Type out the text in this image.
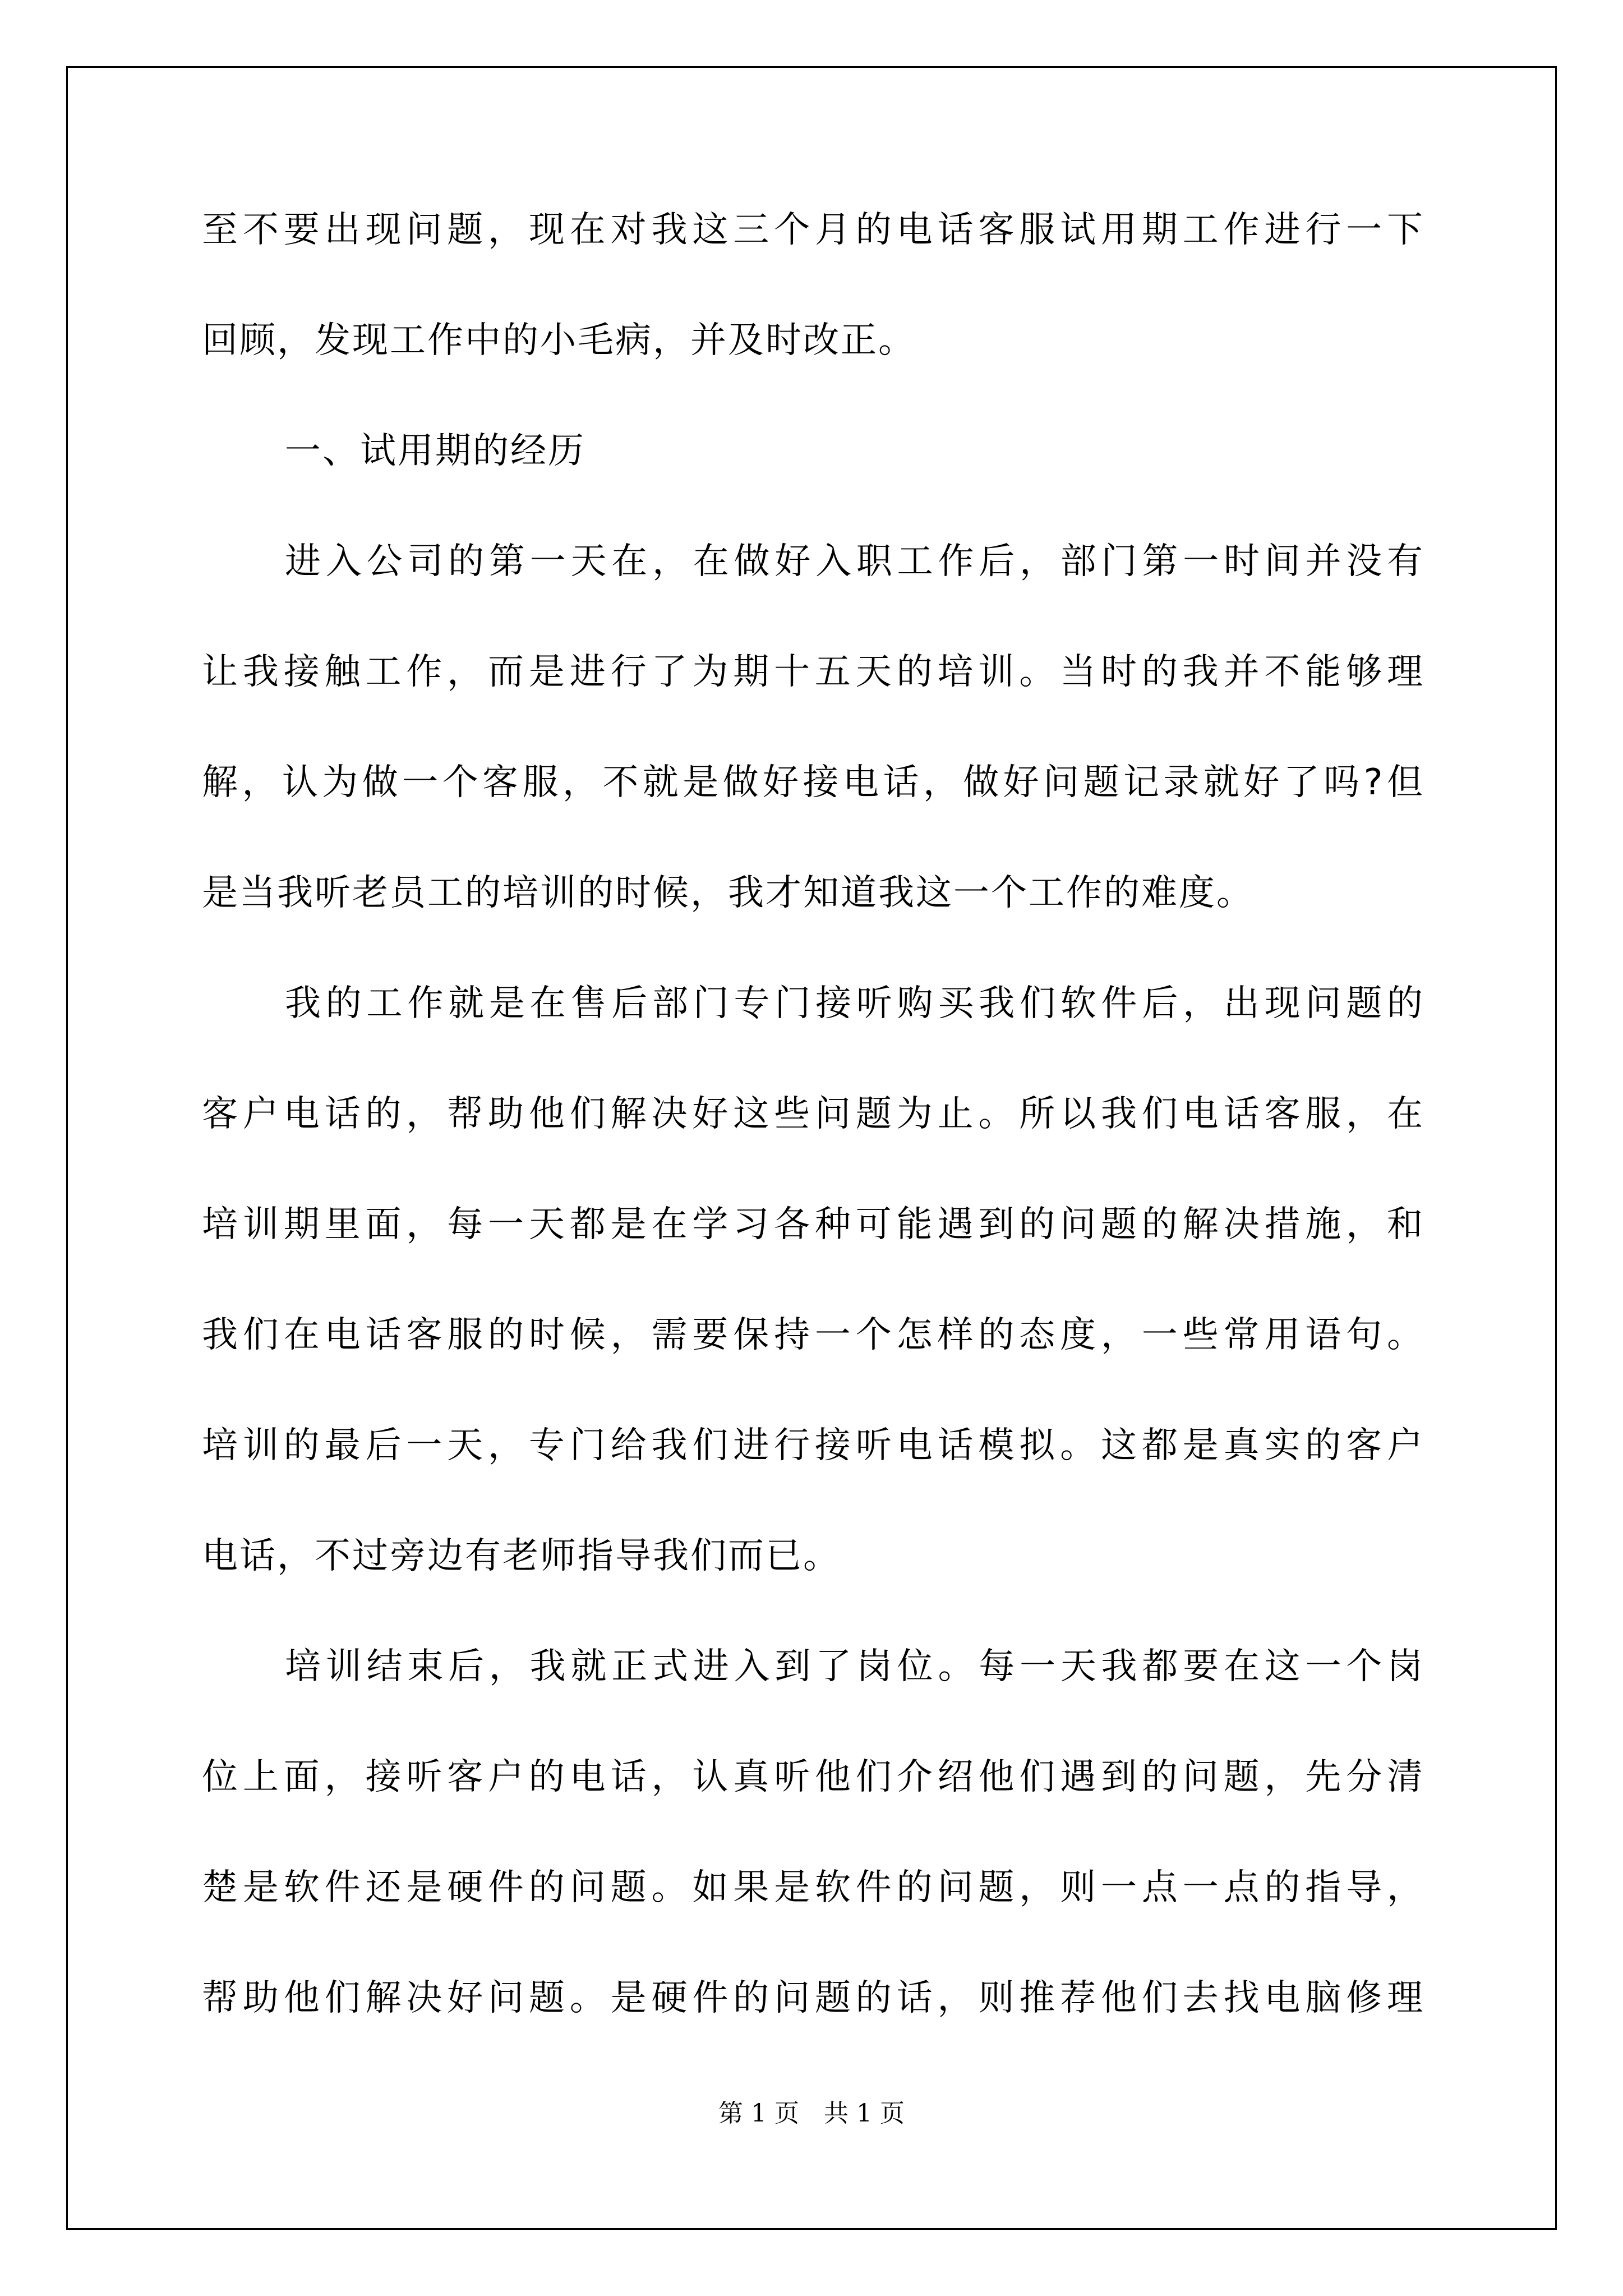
至不要出现问题，现在对我这三个月的电话客服试用期工作进行一下
回顾，发现工作中的小毛病，并及时改正。
一、试用期的经历
进入公司的第一天在，在做好入职工作后，部门第一时间并没有
让我接触工作，而是进行了为期十五天的培训。当时的我并不能够理
解，认为做一个客服，不就是做好接电话，做好问题记录就好了吗?但
是当我听老员工的培训的时候，我才知道我这一个工作的难度。
我的工作就是在售后部门专门接听购买我们软件后，出现问题的
客户电话的，帮助他们解决好这些问题为止。所以我们电话客服，在
培训期里面，每一天都是在学习各种可能遇到的问题的解决措施，和
我们在电话客服的时候，需要保持一个怎样的态度，一些常用语句。
培训的最后一天，专门给我们进行接听电话模拟。这都是真实的客户
电话，不过旁边有老师指导我们而已。
培训结束后，我就正式进入到了岗位。每一天我都要在这一个岗
位上面，接听客户的电话，认真听他们介绍他们遇到的问题，先分清
楚是软件还是硬件的问题。如果是软件的问题，则一点一点的指导，
帮助他们解决好问题。是硬件的问题的话，则推荐他们去找电脑修理
第 1 页　共 1 页
